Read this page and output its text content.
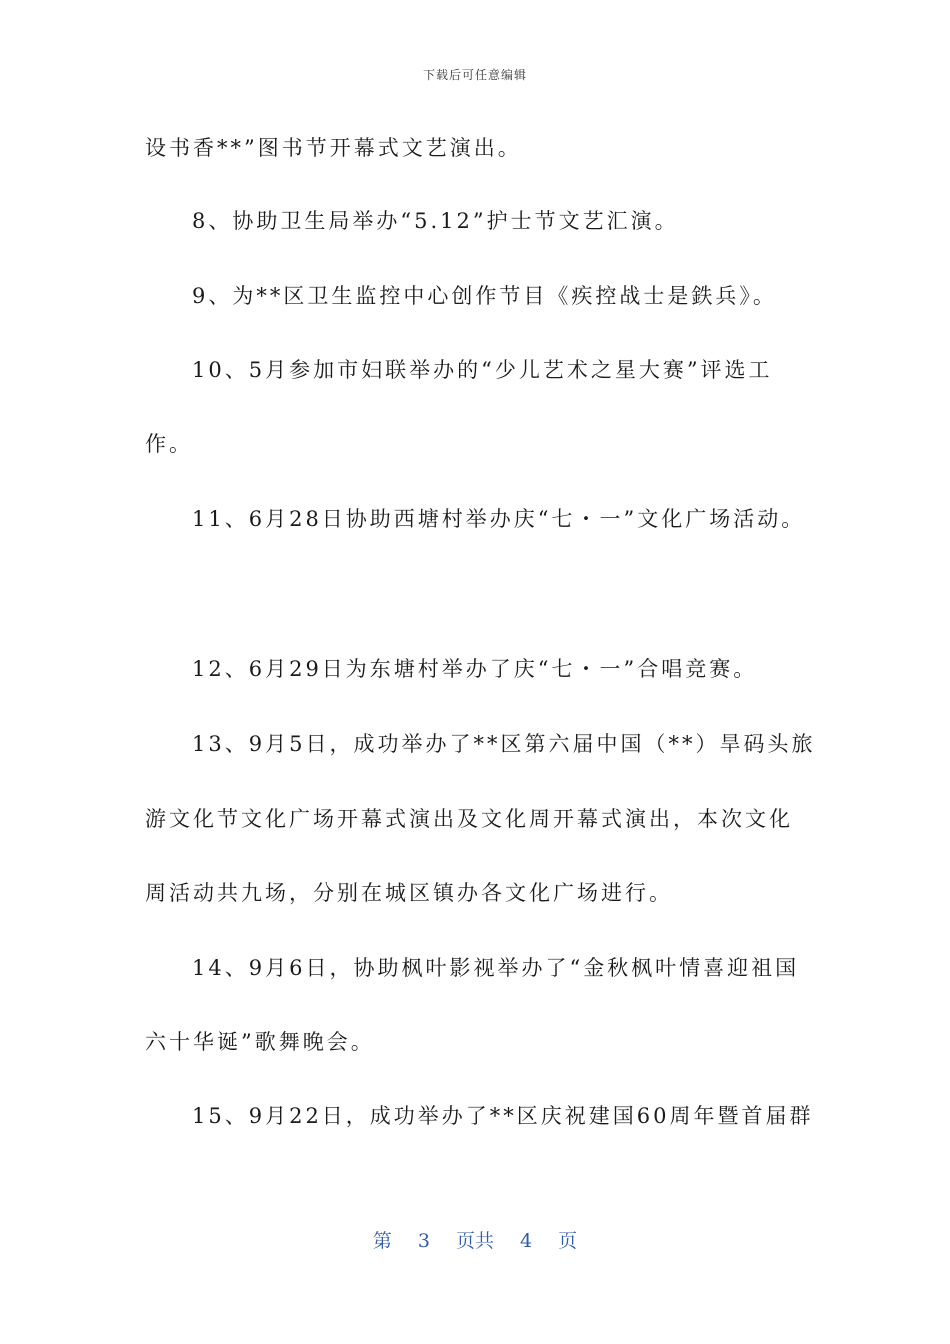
下载后可任意编辑
设书香**”图书节开幕式文艺演出。
8、协助卫生局举办“5.12”护士节文艺汇演。
9、为**区卫生监控中心创作节目《疾控战士是鉄兵》。
10、5月参加市妇联举办的“少儿艺术之星大赛”评选工
作。
11、6月28日协助西塘村举办庆“七・一”文化广场活动。
12、6月29日为东塘村举办了庆“七・一”合唱竞赛。
13、9月5日，成功举办了**区第六届中国（**）旱码头旅
游文化节文化广场开幕式演出及文化周开幕式演出，本次文化
周活动共九场，分别在城区镇办各文化广场进行。
14、9月6日，协助枫叶影视举办了“金秋枫叶情喜迎祖国
六十华诞”歌舞晚会。
15、9月22日，成功举办了**区庆祝建国60周年暨首届群
第 3 页共 4 页
